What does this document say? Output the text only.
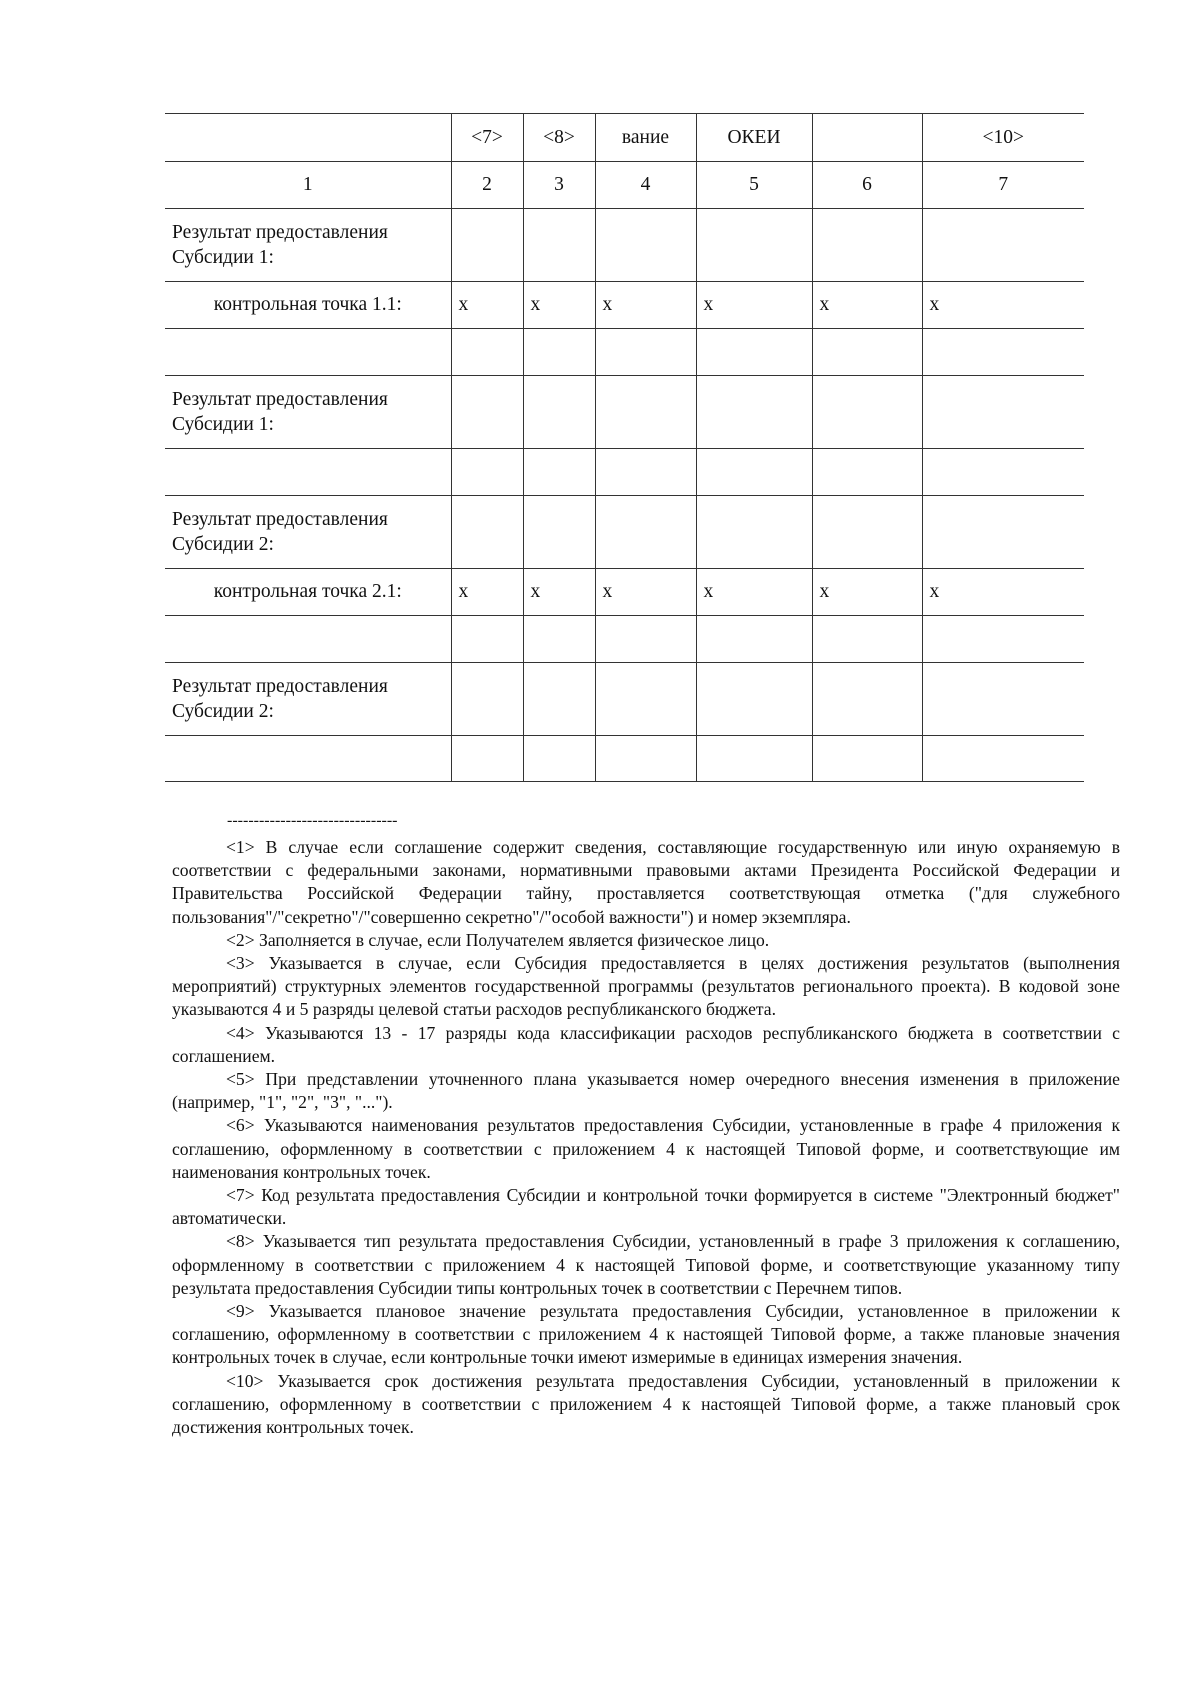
	<7>	<8>	вание	ОКЕИ		<10>
1	2	3	4	5	6	7
Результат предоставления Субсидии 1:						
контрольная точка 1.1:	x	x	x	x	x	x

Результат предоставления Субсидии 1:						

Результат предоставления Субсидии 2:						
контрольная точка 2.1:	x	x	x	x	x	x

Результат предоставления Субсидии 2:						

--------------------------------

<1> В случае если соглашение содержит сведения, составляющие государственную или иную охраняемую в соответствии с федеральными законами, нормативными правовыми актами Президента Российской Федерации и Правительства Российской Федерации тайну, проставляется соответствующая отметка ("для служебного пользования"/"секретно"/"совершенно секретно"/"особой важности") и номер экземпляра.

<2> Заполняется в случае, если Получателем является физическое лицо.

<3> Указывается в случае, если Субсидия предоставляется в целях достижения результатов (выполнения мероприятий) структурных элементов государственной программы (результатов регионального проекта). В кодовой зоне указываются 4 и 5 разряды целевой статьи расходов республиканского бюджета.

<4> Указываются 13 - 17 разряды кода классификации расходов республиканского бюджета в соответствии с соглашением.

<5> При представлении уточненного плана указывается номер очередного внесения изменения в приложение (например, "1", "2", "3", "...").

<6> Указываются наименования результатов предоставления Субсидии, установленные в графе 4 приложения к соглашению, оформленному в соответствии с приложением 4 к настоящей Типовой форме, и соответствующие им наименования контрольных точек.

<7> Код результата предоставления Субсидии и контрольной точки формируется в системе "Электронный бюджет" автоматически.

<8> Указывается тип результата предоставления Субсидии, установленный в графе 3 приложения к соглашению, оформленному в соответствии с приложением 4 к настоящей Типовой форме, и соответствующие указанному типу результата предоставления Субсидии типы контрольных точек в соответствии с Перечнем типов.

<9> Указывается плановое значение результата предоставления Субсидии, установленное в приложении к соглашению, оформленному в соответствии с приложением 4 к настоящей Типовой форме, а также плановые значения контрольных точек в случае, если контрольные точки имеют измеримые в единицах измерения значения.

<10> Указывается срок достижения результата предоставления Субсидии, установленный в приложении к соглашению, оформленному в соответствии с приложением 4 к настоящей Типовой форме, а также плановый срок достижения контрольных точек.
